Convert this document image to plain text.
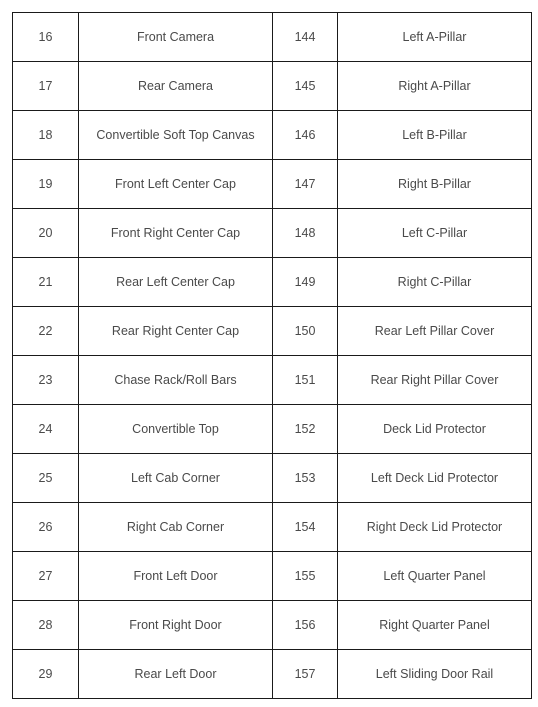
16	Front Camera	144	Left A-Pillar
17	Rear Camera	145	Right A-Pillar
18	Convertible Soft Top Canvas	146	Left B-Pillar
19	Front Left Center Cap	147	Right B-Pillar
20	Front Right Center Cap	148	Left C-Pillar
21	Rear Left Center Cap	149	Right C-Pillar
22	Rear Right Center Cap	150	Rear Left Pillar Cover
23	Chase Rack/Roll Bars	151	Rear Right Pillar Cover
24	Convertible Top	152	Deck Lid Protector
25	Left Cab Corner	153	Left Deck Lid Protector
26	Right Cab Corner	154	Right Deck Lid Protector
27	Front Left Door	155	Left Quarter Panel
28	Front Right Door	156	Right Quarter Panel
29	Rear Left Door	157	Left Sliding Door Rail
